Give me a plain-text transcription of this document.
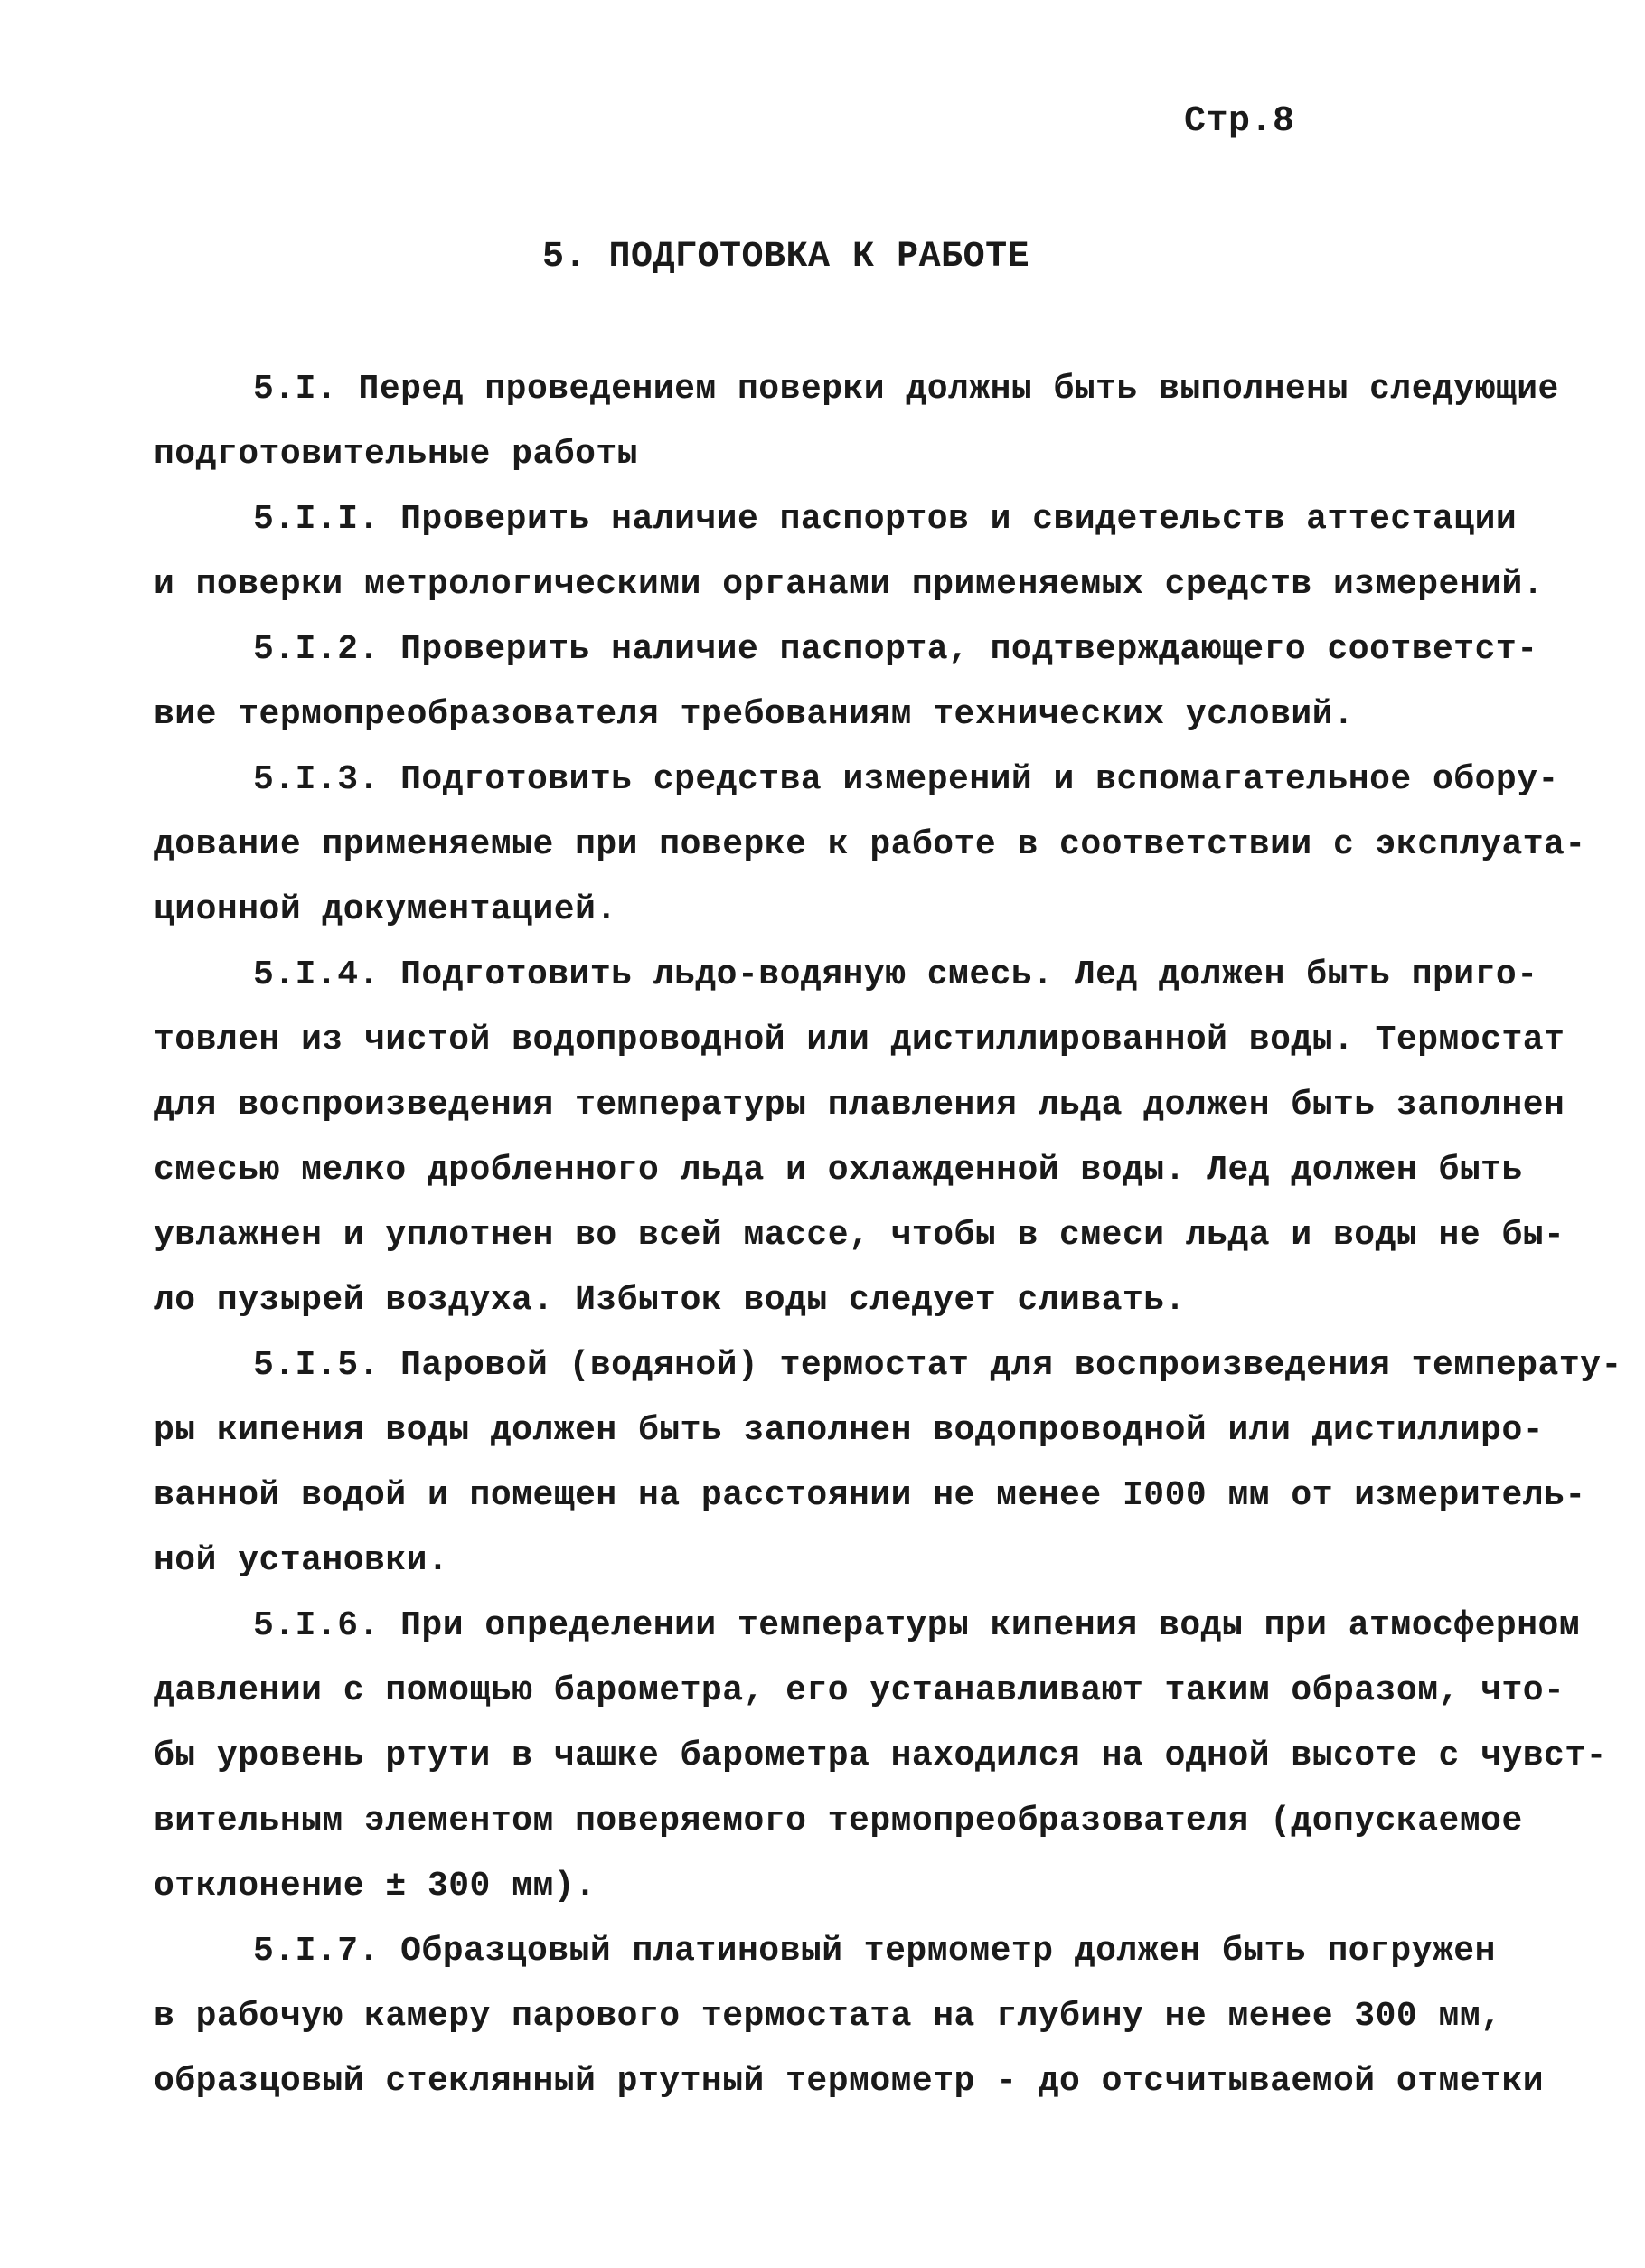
Стр.8
5. ПОДГОТОВКА К РАБОТЕ
5.I. Перед проведением поверки должны быть выполнены следующие
подготовительные работы
5.I.I. Проверить наличие паспортов и свидетельств аттестации
и поверки метрологическими органами применяемых средств измерений.
5.I.2. Проверить наличие паспорта, подтверждающего соответст-
вие термопреобразователя требованиям технических условий.
5.I.3. Подготовить средства измерений и вспомагательное обору-
дование применяемые при поверке к работе в соответствии с эксплуата-
ционной документацией.
5.I.4. Подготовить льдо-водяную смесь. Лед должен быть приго-
товлен из чистой водопроводной или дистиллированной воды. Термостат
для воспроизведения температуры плавления льда должен быть заполнен
смесью мелко дробленного льда и охлажденной воды. Лед должен быть
увлажнен и уплотнен во всей массе, чтобы в смеси льда и воды не бы-
ло пузырей воздуха. Избыток воды следует сливать.
5.I.5. Паровой (водяной) термостат для воспроизведения температу-
ры кипения воды должен быть заполнен водопроводной или дистиллиро-
ванной водой и помещен на расстоянии не менее I000 мм от измеритель-
ной установки.
5.I.6. При определении температуры кипения воды при атмосферном
давлении с помощью барометра, его устанавливают таким образом, что-
бы уровень ртути в чашке барометра находился на одной высоте с чувст-
вительным элементом поверяемого термопреобразователя (допускаемое
отклонение ± 300 мм).
5.I.7. Образцовый платиновый термометр должен быть погружен
в рабочую камеру парового термостата на глубину не менее 300 мм,
образцовый стеклянный ртутный термометр - до отсчитываемой отметки
